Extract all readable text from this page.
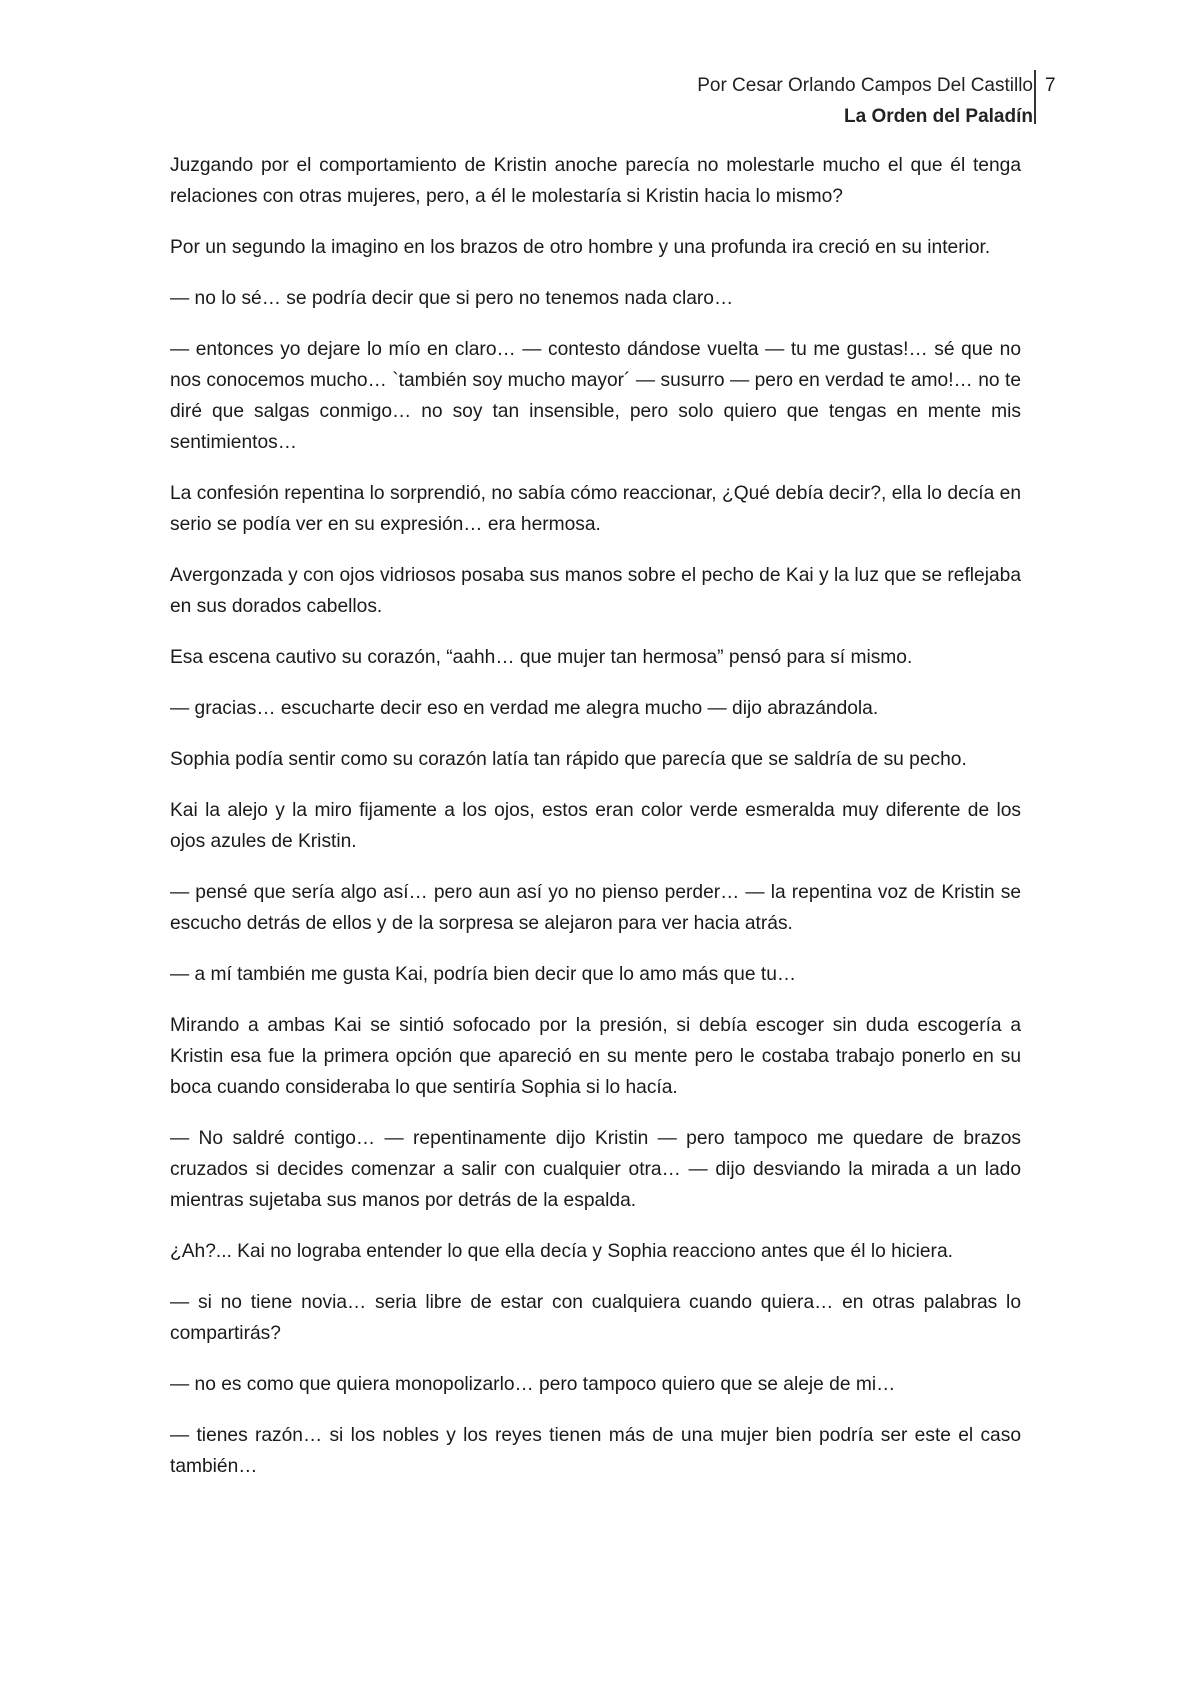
Por Cesar Orlando Campos Del Castillo
La Orden del Paladín
7

Juzgando por el comportamiento de Kristin anoche parecía no molestarle mucho el que él tenga relaciones con otras mujeres, pero, a él le molestaría si Kristin hacia lo mismo?

Por un segundo la imagino en los brazos de otro hombre y una profunda ira creció en su interior.

— no lo sé… se podría decir que si pero no tenemos nada claro…

— entonces yo dejare lo mío en claro… — contesto dándose vuelta — tu me gustas!… sé que no nos conocemos mucho… `también soy mucho mayor´ — susurro — pero en verdad te amo!… no te diré que salgas conmigo… no soy tan insensible, pero solo quiero que tengas en mente mis sentimientos…

La confesión repentina lo sorprendió, no sabía cómo reaccionar, ¿Qué debía decir?, ella lo decía en serio se podía ver en su expresión… era hermosa.

Avergonzada y con ojos vidriosos posaba sus manos sobre el pecho de Kai y la luz que se reflejaba en sus dorados cabellos.

Esa escena cautivo su corazón, “aahh… que mujer tan hermosa” pensó para sí mismo.

— gracias… escucharte decir eso en verdad me alegra mucho — dijo abrazándola.

Sophia podía sentir como su corazón latía tan rápido que parecía que se saldría de su pecho.

Kai la alejo y la miro fijamente a los ojos, estos eran color verde esmeralda muy diferente de los ojos azules de Kristin.

— pensé que sería algo así… pero aun así yo no pienso perder… — la repentina voz de Kristin se escucho detrás de ellos y de la sorpresa se alejaron para ver hacia atrás.

— a mí también me gusta Kai, podría bien decir que lo amo más que tu…

Mirando a ambas Kai se sintió sofocado por la presión, si debía escoger sin duda escogería a Kristin esa fue la primera opción que apareció en su mente pero le costaba trabajo ponerlo en su boca cuando consideraba lo que sentiría Sophia si lo hacía.

— No saldré contigo… — repentinamente dijo Kristin — pero tampoco me quedare de brazos cruzados si decides comenzar a salir con cualquier otra… — dijo desviando la mirada a un lado mientras sujetaba sus manos por detrás de la espalda.

¿Ah?... Kai no lograba entender lo que ella decía y Sophia reacciono antes que él lo hiciera.

— si no tiene novia… seria libre de estar con cualquiera cuando quiera… en otras palabras lo compartirás?

— no es como que quiera monopolizarlo… pero tampoco quiero que se aleje de mi…

— tienes razón… si los nobles y los reyes tienen más de una mujer bien podría ser este el caso también…
